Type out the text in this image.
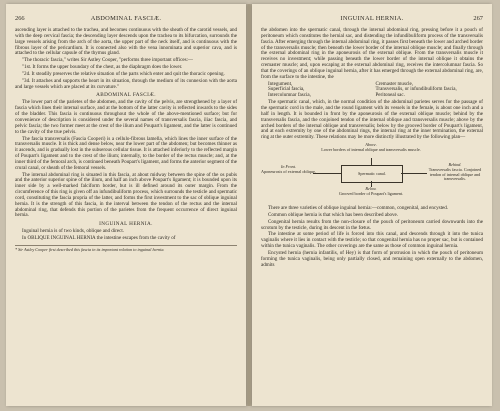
266	ABDOMINAL FASCIÆ.

ascending layer is attached to the trachea, and becomes continuous with the sheath of the carotid vessels, and with the deep cervical fascia; the descending layer descends upon the trachea to its bifurcation, surrounds the large vessels arising from the arch of the aorta, the upper part of the neck itself, and is continuous with the fibrous layer of the pericardium. It is connected also with the vena innominata and superior cava, and is attached to the cellular capsule of the thymus gland.

"The thoracic fascia," writes Sir Astley Cooper, "performs three important offices:—

"1st. It forms the upper boundary of the chest, as the diaphragm does the lower.

"2d. It steadily preserves the relative situation of the parts which enter and quit the thoracic opening.

"3d. It attaches and supports the heart in its situation, through the medium of its connexion with the aorta and large vessels which are placed at its curvature."

ABDOMINAL FASCIÆ.

The lower part of the parietes of the abdomen, and the cavity of the pelvis, are strengthened by a layer of fascia which lines their internal surface, and at the bottom of the latter cavity is reflected inwards to the sides of the bladder. This fascia is continuous throughout the whole of the above-mentioned surface; but for convenience of description is considered under the several names of transversalis fascia, iliac fascia, and pelvic fascia; the two former meet at the crest of the ilium and Poupart's ligament, and the latter is continued to the cavity of the true pelvis.

The fascia transversalis (Fascia Cooperi) is a cellulo-fibrous lamella, which lines the inner surface of the transversalis muscle. It is thick and dense below, near the lower part of the abdomen; but becomes thinner as it ascends, and is gradually lost in the subserous cellular tissue. It is attached inferiorly to the reflected margin of Poupart's ligament and to the crest of the ilium; internally, to the border of the rectus muscle; and, at the inner third of the femoral arch, is continued beneath Poupart's ligament, and forms the anterior segment of the crural canal, or sheath of the femoral vessels.

The internal abdominal ring is situated in this fascia, at about midway between the spine of the os pubis and the anterior superior spine of the ilium, and half an inch above Poupart's ligament; it is bounded upon its inner side by a well-marked falciform border, but is ill defined around its outer margin. From the circumference of this ring is given off an infundibuliform process, which surrounds the testicle and spermatic cord, constituting the fascia propria of the latter, and forms the first investment to the sac of oblique inguinal hernia. It is the strength of this fascia, in the interval between the tendon of the rectus and the internal abdominal ring, that defends this portion of the parietes from the frequent occurrence of direct inguinal hernia.

INGUINAL HERNIA.

Inguinal hernia is of two kinds, oblique and direct.

In OBLIQUE INGUINAL HERNIA the intestine escapes from the cavity of

* Sir Astley Cooper first described this fascia in its important relation to inguinal hernia.
INGUINAL HERNIA.	267

the abdomen into the spermatic canal, through the internal abdominal ring, pressing before it a pouch of peritoneum which constitutes the hernial sac, and distending the infundibuliform process of the transversalis fascia. After emerging through the internal abdominal ring, it passes first beneath the lower and arched border of the transversalis muscle; then beneath the lower border of the internal oblique muscle; and finally through the external abdominal ring in the aponeurosis of the external oblique. From the transversalis muscle it receives no investment; while passing beneath the lower border of the internal oblique it obtains the cremaster muscle; and, upon escaping at the external abdominal ring, receives the intercolumnar fascia. So that the coverings of an oblique inguinal hernia, after it has emerged through the external abdominal ring, are, from the surface to the intestine, the

Integument,	Cremaster muscle,
Superficial fascia,	Transversalis, or infundibuliform fascia,
Intercolumnar fascia,	Peritoneal sac.

The spermatic canal, which, in the normal condition of the abdominal parietes serves for the passage of the spermatic cord in the male, and the round ligament with its vessels in the female, is about one inch and a half in length. It is bounded in front by the aponeurosis of the external oblique muscle; behind by the transversalis fascia, and the conjoined tendon of the internal oblique and transversalis muscle; above by the arched borders of the internal oblique and transversalis; below by the grooved border of Poupart's ligament, and at each extremity by one of the abdominal rings, the internal ring at the inner termination, the external ring at the outer extremity. These relations may be more distinctly illustrated by the following plan—

Above.
Lower borders of internal oblique and transversalis muscle.
In Front.
Aponeurosis of external oblique.	Spermatic canal.
Behind.
Transversalis fascia. Conjoined tendon of internal oblique and transversalis.
Below.
Grooved border of Poupart's ligament.

There are three varieties of oblique inguinal hernia:—common, congenital, and encysted.

Common oblique hernia is that which has been described above.

Congenital hernia results from the non-closure of the pouch of peritoneum carried downwards into the scrotum by the testicle, during its descent in the fœtus.

The intestine at some period of life is forced into this canal, and descends through it into the tunica vaginalis where it lies in contact with the testicle; so that congenital hernia has no proper sac, but is contained within the tunica vaginalis. The other coverings are the same as those of common inguinal hernia.

Encysted hernia (hernia infantilis, of Hey) is that form of protrusion in which the pouch of peritoneum forming the tunica vaginalis, being only partially closed, and remaining open externally to the abdomen, admits
